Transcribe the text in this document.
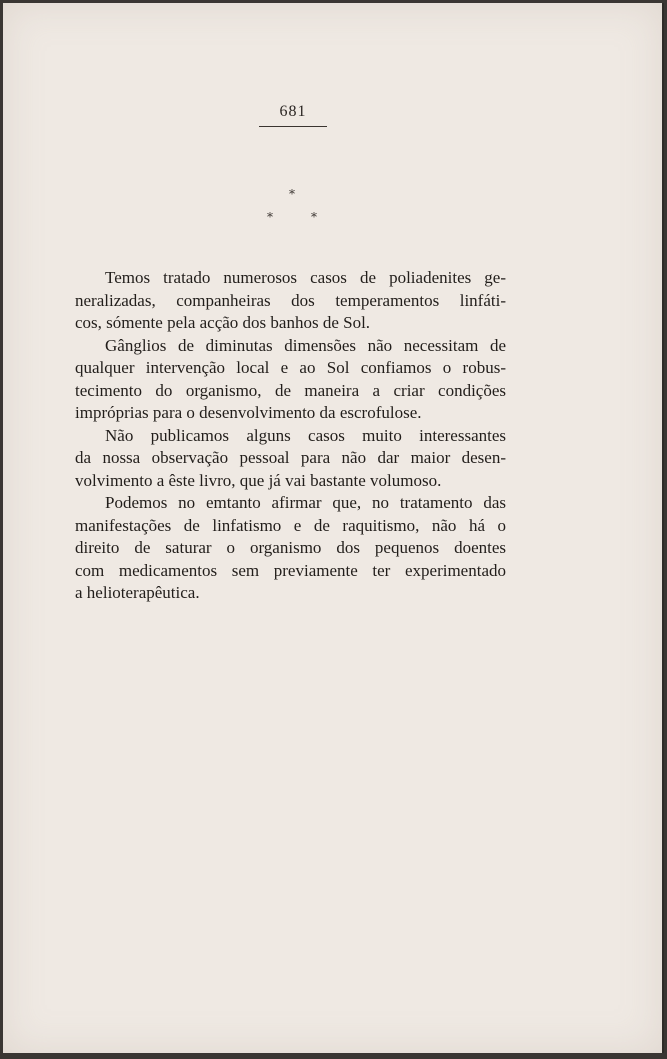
681
*
*	*

Temos tratado numerosos casos de poliadenites ge-
neralizadas, companheiras dos temperamentos linfáti-
cos, sómente pela acção dos banhos de Sol.

Gânglios de diminutas dimensões não necessitam de
qualquer intervenção local e ao Sol confiamos o robus-
tecimento do organismo, de maneira a criar condições
impróprias para o desenvolvimento da escrofulose.

Não publicamos alguns casos muito interessantes
da nossa observação pessoal para não dar maior desen-
volvimento a êste livro, que já vai bastante volumoso.

Podemos no emtanto afirmar que, no tratamento das
manifestações de linfatismo e de raquitismo, não há o
direito de saturar o organismo dos pequenos doentes
com medicamentos sem previamente ter experimentado
a helioterapêutica.
